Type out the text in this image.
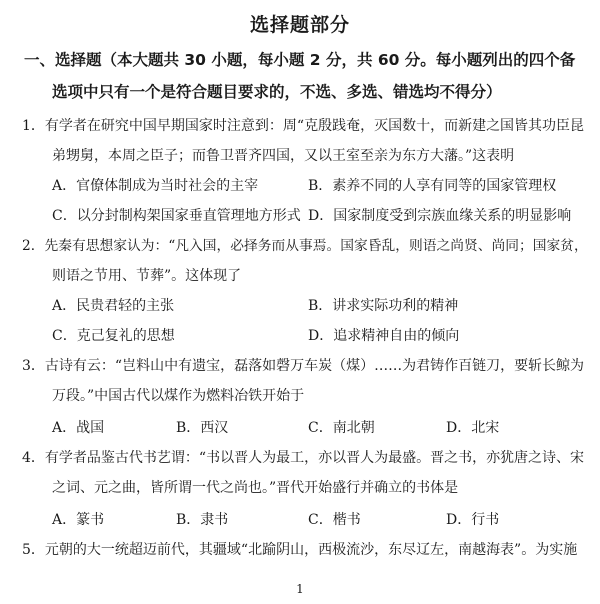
选择题部分
一、选择题（本大题共 30 小题，每小题 2 分，共 60 分。每小题列出的四个备
选项中只有一个是符合题目要求的，不选、多选、错选均不得分）
1．有学者在研究中国早期国家时注意到：周“克殷践奄，灭国数十，而新建之国皆其功臣昆
弟甥舅，本周之臣子；而鲁卫晋齐四国，又以王室至亲为东方大藩。”这表明
A．官僚体制成为当时社会的主宰	B．素养不同的人享有同等的国家管理权
C．以分封制构架国家垂直管理地方形式 D．国家制度受到宗族血缘关系的明显影响
2．先秦有思想家认为：“凡入国，必择务而从事焉。国家昏乱，则语之尚贤、尚同；国家贫，
则语之节用、节葬”。这体现了
A．民贵君轻的主张	B．讲求实际功利的精神
C．克己复礼的思想	D．追求精神自由的倾向
3．古诗有云：“岂料山中有遗宝，磊落如磬万车炭（煤）……为君铸作百链刀，要斩长鲸为
万段。”中国古代以煤作为燃料冶铁开始于
A．战国	B．西汉	C．南北朝	D．北宋
4．有学者品鉴古代书艺谓：“书以晋人为最工，亦以晋人为最盛。晋之书，亦犹唐之诗、宋
之词、元之曲，皆所谓一代之尚也。”晋代开始盛行并确立的书体是
A．篆书	B．隶书	C．楷书	D．行书
5．元朝的大一统超迈前代，其疆域“北踰阴山，西极流沙，东尽辽左，南越海表”。为实施
1
